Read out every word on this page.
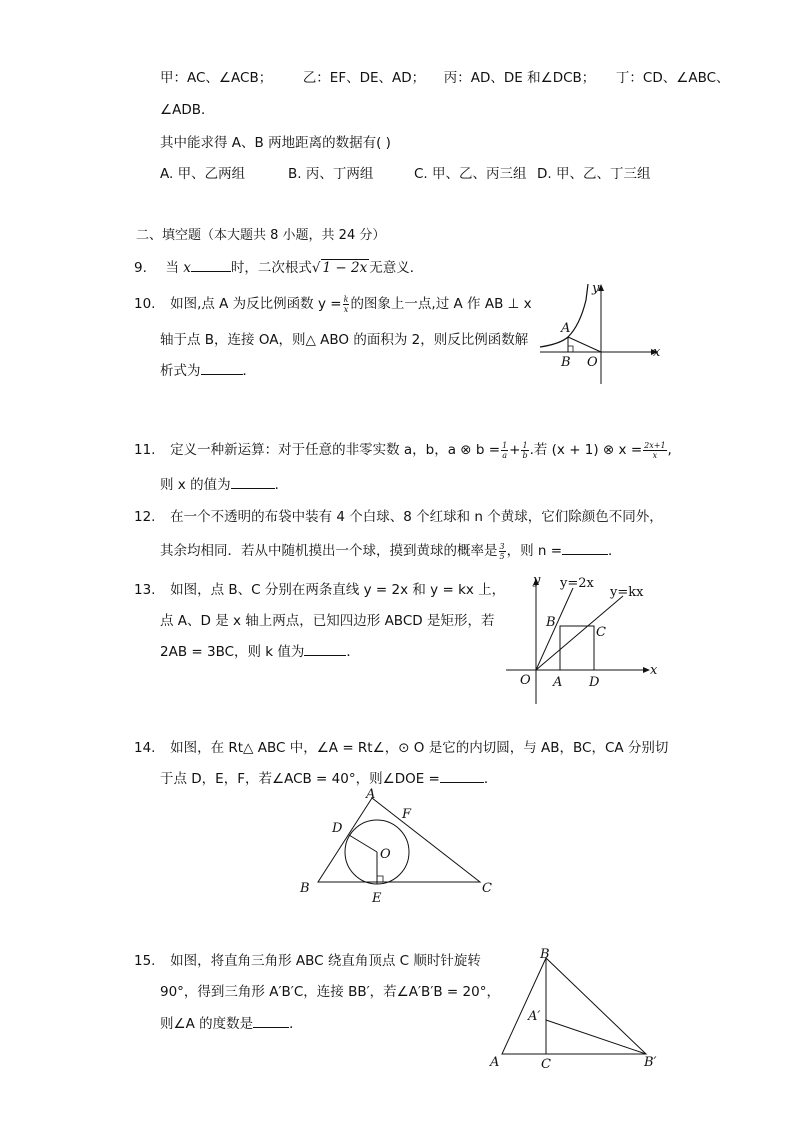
甲：AC、∠ACB； 乙：EF、DE、AD； 丙：AD、DE 和∠DCB； 丁：CD、∠ABC、
∠ADB．
其中能求得 A、B 两地距离的数据有( )
A. 甲、乙两组	B. 丙、丁两组	C. 甲、乙、丙三组 D. 甲、乙、丁三组
二、填空题（本大题共 8 小题，共 24 分）
9. 当 x	时，二次根式√ 1 − 2x 无意义．
10. 如图,点 A 为反比例函数 $y = \frac{k}{x}$ 的图象上一点,过 A 作 AB ⊥ x
轴于点 B，连接 OA，则△ ABO 的面积为 2，则反比例函数解
析式为	．
y
x
A
B O
11. 定义一种新运算：对于任意的非零实数 a，b，a ⊗ $b = \frac{1}{a} + \frac{1}{b}$ .若 (x + 1) ⊗ $x = \frac{2x+1}{x}$ ,
则 x 的值为	．
12. 在一个不透明的布袋中装有 4 个白球、8 个红球和 n 个黄球，它们除颜色不同外，
其余均相同．若从中随机摸出一个球，摸到黄球的概率是 $\frac{3}{5}$ ，则 n =	．
13. 如图，点 B、C 分别在两条直线 y = 2x 和 y = kx 上，
点 A、D 是 x 轴上两点，已知四边形 ABCD 是矩形，若
2AB = 3BC，则 k 值为	．
y
x
y=2x
y=kx
B
C
O A D
14. 如图，在 Rt△ ABC 中，∠A = Rt∠，⊙ O 是它的内切圆，与 AB，BC，CA 分别切
于点 D，E，F，若∠ACB = 40°，则∠DOE =	．
A
B	C
D
E
F
O
15. 如图，将直角三角形 ABC 绕直角顶点 C 顺时针旋转
90°，得到三角形 A′B′C，连接 BB′，若∠A′B′B = 20°，
则∠A 的度数是	．
B
A	C
A′
B′
